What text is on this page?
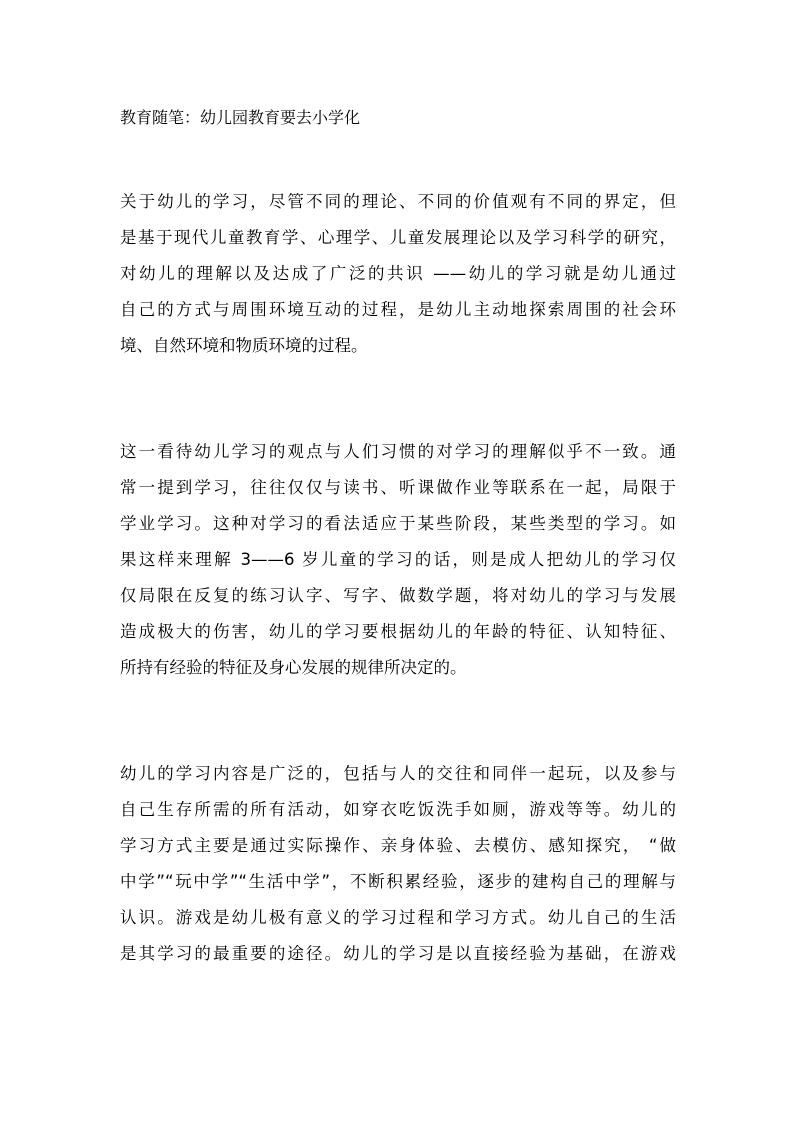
教育随笔：幼儿园教育要去小学化
关于幼儿的学习，尽管不同的理论、不同的价值观有不同的界定，但
是基于现代儿童教育学、心理学、儿童发展理论以及学习科学的研究，
对幼儿的理解以及达成了广泛的共识 ——幼儿的学习就是幼儿通过
自己的方式与周围环境互动的过程，是幼儿主动地探索周围的社会环
境、自然环境和物质环境的过程。
这一看待幼儿学习的观点与人们习惯的对学习的理解似乎不一致。通
常一提到学习，往往仅仅与读书、听课做作业等联系在一起，局限于
学业学习。这种对学习的看法适应于某些阶段，某些类型的学习。如
果这样来理解 3——6 岁儿童的学习的话，则是成人把幼儿的学习仅
仅局限在反复的练习认字、写字、做数学题，将对幼儿的学习与发展
造成极大的伤害，幼儿的学习要根据幼儿的年龄的特征、认知特征、
所持有经验的特征及身心发展的规律所决定的。
幼儿的学习内容是广泛的，包括与人的交往和同伴一起玩，以及参与
自己生存所需的所有活动，如穿衣吃饭洗手如厕，游戏等等。幼儿的
学习方式主要是通过实际操作、亲身体验、去模仿、感知探究， “做
中学”“玩中学”“生活中学”，不断积累经验，逐步的建构自己的理解与
认识。游戏是幼儿极有意义的学习过程和学习方式。幼儿自己的生活
是其学习的最重要的途径。幼儿的学习是以直接经验为基础，在游戏
